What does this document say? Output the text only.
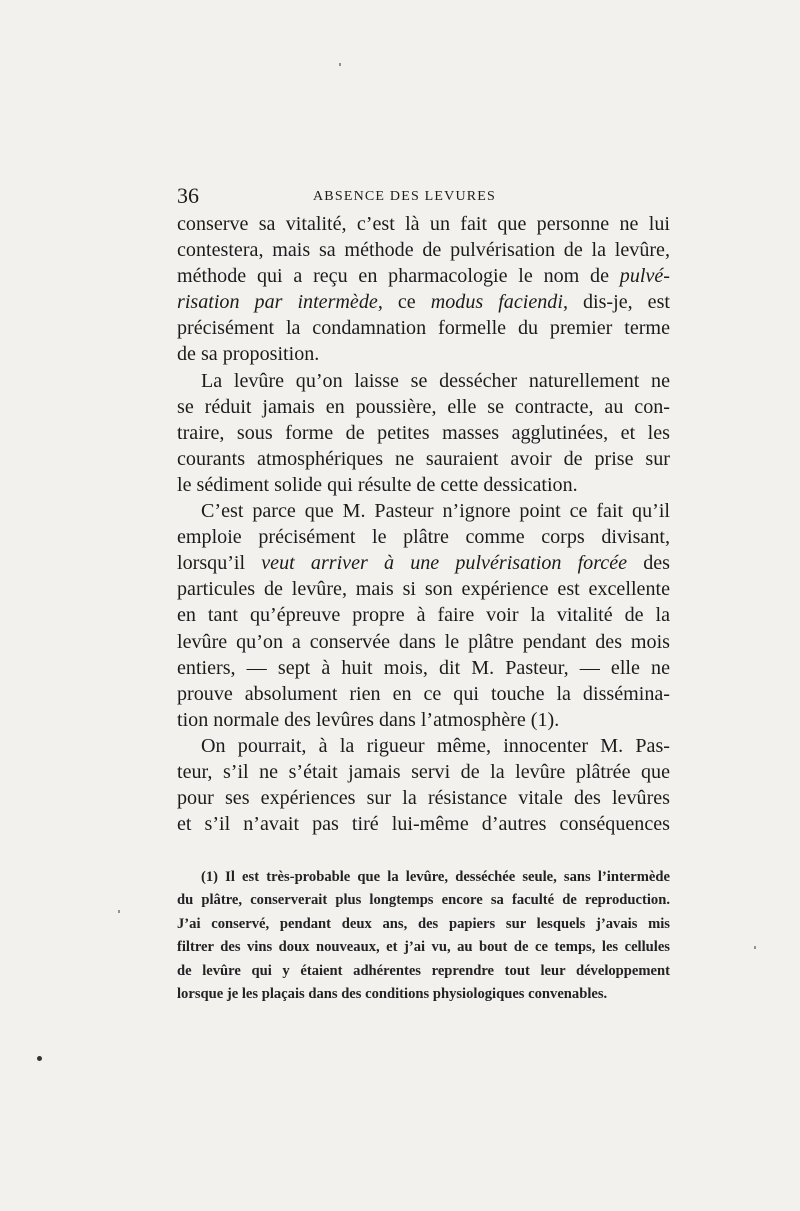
36	ABSENCE DES LEVURES
conserve sa vitalité, c’est là un fait que personne ne lui
contestera, mais sa méthode de pulvérisation de la levûre,
méthode qui a reçu en pharmacologie le nom de pulvé-
risation par intermède, ce modus faciendi, dis-je, est
précisément la condamnation formelle du premier terme
de sa proposition.
La levûre qu’on laisse se dessécher naturellement ne
se réduit jamais en poussière, elle se contracte, au con-
traire, sous forme de petites masses agglutinées, et les
courants atmosphériques ne sauraient avoir de prise sur
le sédiment solide qui résulte de cette dessication.
C’est parce que M. Pasteur n’ignore point ce fait qu’il
emploie précisément le plâtre comme corps divisant,
lorsqu’il veut arriver à une pulvérisation forcée des
particules de levûre, mais si son expérience est excellente
en tant qu’épreuve propre à faire voir la vitalité de la
levûre qu’on a conservée dans le plâtre pendant des mois
entiers, — sept à huit mois, dit M. Pasteur, — elle ne
prouve absolument rien en ce qui touche la dissémina-
tion normale des levûres dans l’atmosphère (1).
On pourrait, à la rigueur même, innocenter M. Pas-
teur, s’il ne s’était jamais servi de la levûre plâtrée que
pour ses expériences sur la résistance vitale des levûres
et s’il n’avait pas tiré lui-même d’autres conséquences
(1) Il est très-probable que la levûre, desséchée seule, sans l’intermède
du plâtre, conserverait plus longtemps encore sa faculté de reproduction.
J’ai conservé, pendant deux ans, des papiers sur lesquels j’avais mis
filtrer des vins doux nouveaux, et j’ai vu, au bout de ce temps, les cellules
de levûre qui y étaient adhérentes reprendre tout leur développement
lorsque je les plaçais dans des conditions physiologiques convenables.
